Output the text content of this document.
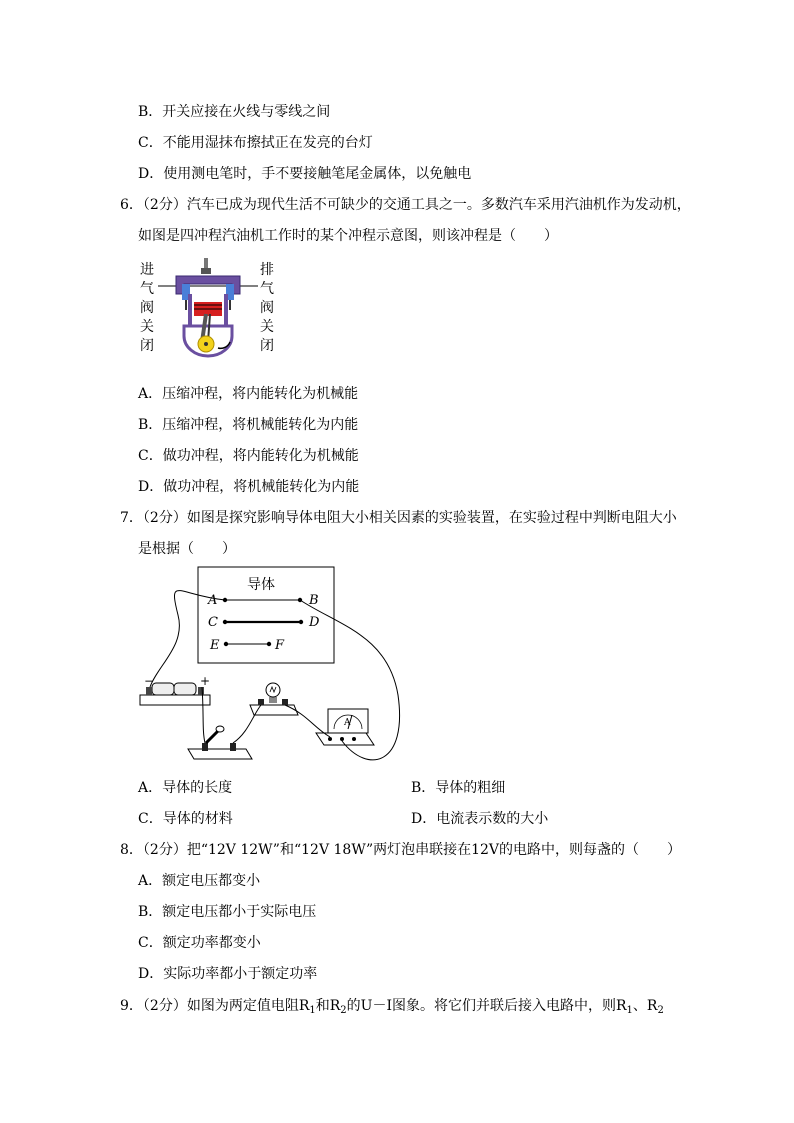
B．开关应接在火线与零线之间
C．不能用湿抹布擦拭正在发亮的台灯
D．使用测电笔时，手不要接触笔尾金属体，以免触电
6．（2分）汽车已成为现代生活不可缺少的交通工具之一。多数汽车采用汽油机作为发动机，
如图是四冲程汽油机工作时的某个冲程示意图，则该冲程是（　　）
进
气
阀
关
闭
排
气
阀
关
闭
A．压缩冲程，将内能转化为机械能
B．压缩冲程，将机械能转化为内能
C．做功冲程，将内能转化为机械能
D．做功冲程，将机械能转化为内能
7．（2分）如图是探究影响导体电阻大小相关因素的实验装置，在实验过程中判断电阻大小
是根据（　　）
导体
A	B
C	D
E	F
−	+
A
A．导体的长度	B．导体的粗细
C．导体的材料	D．电流表示数的大小
8．（2分）把“12V 12W”和“12V 18W”两灯泡串联接在12V的电路中，则每盏的（　　）
A．额定电压都变小
B．额定电压都小于实际电压
C．额定功率都变小
D．实际功率都小于额定功率
9．（2分）如图为两定值电阻$R_1$和$R_2$的U－I图象。将它们并联后接入电路中，则$R_1$、$R_2$
